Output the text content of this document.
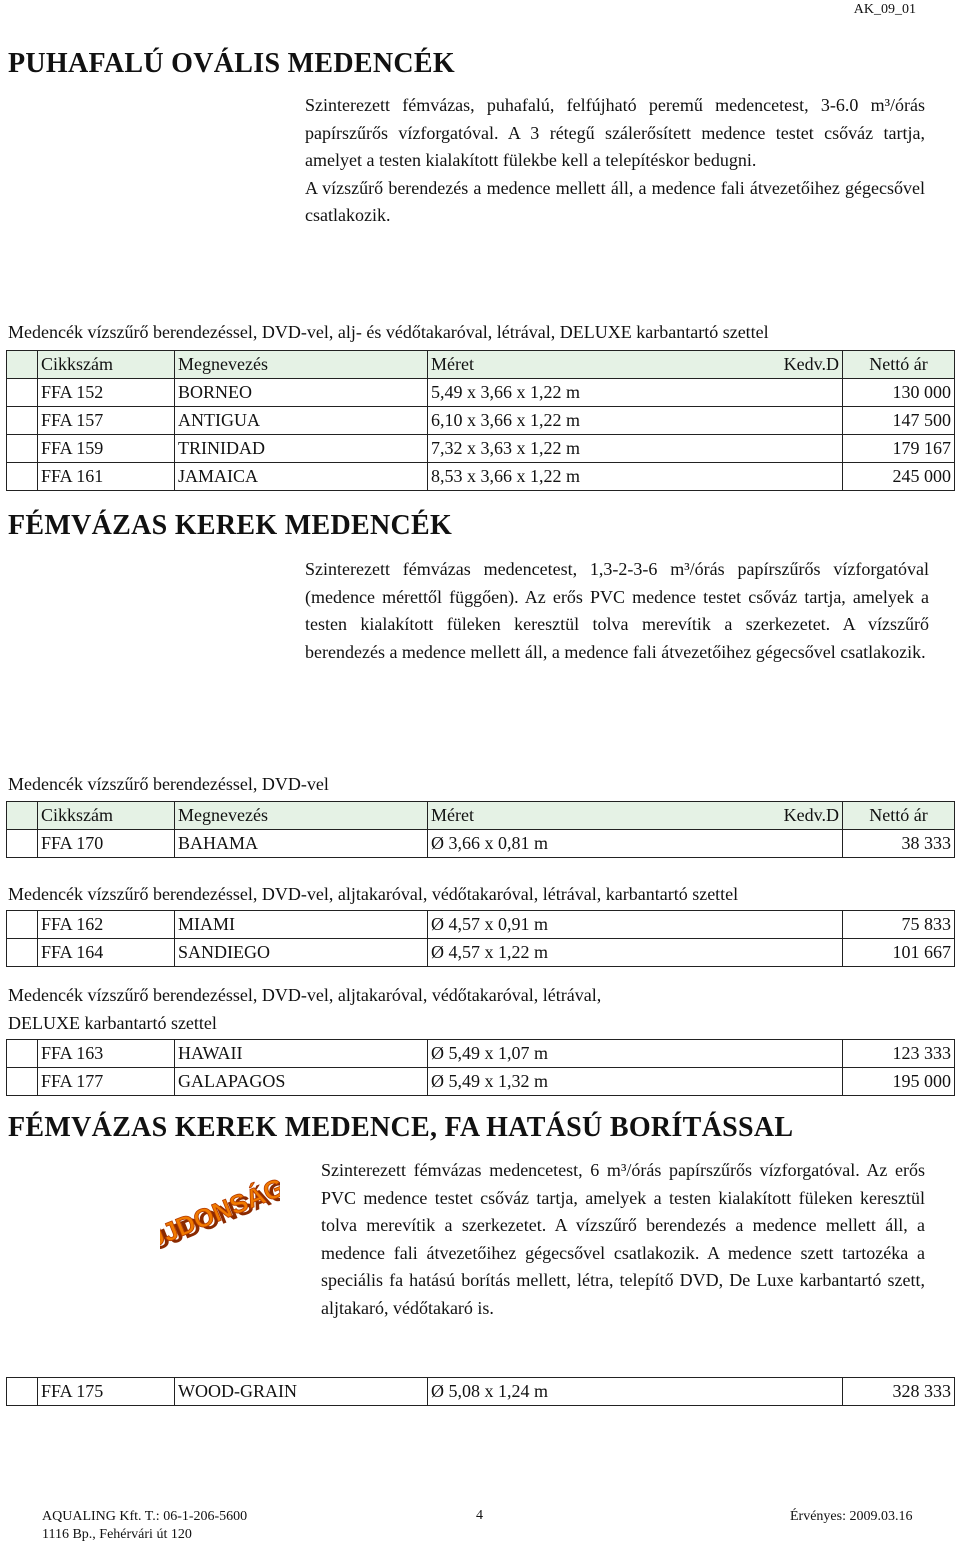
AK_09_01
PUHAFALÚ OVÁLIS MEDENCÉK
Szinterezett fémvázas, puhafalú, felfújható peremű medencetest, 3-6.0 m³/órás papírszűrős vízforgatóval. A 3 rétegű szálerősített medence testet csőváz tartja, amelyet a testen kialakított fülekbe kell a telepítéskor bedugni.
A vízszűrő berendezés a medence mellett áll, a medence fali átvezetőihez gégecsővel csatlakozik.
Medencék vízszűrő berendezéssel, DVD-vel, alj- és védőtakaróval, létrával, DELUXE karbantartó szettel
	Cikkszám	Megnevezés	Méret Kedv.D	Nettó ár	
	FFA 152	BORNEO	5,49 x 3,66 x 1,22 m	130 000	
	FFA 157	ANTIGUA	6,10 x 3,66 x 1,22 m	147 500	
	FFA 159	TRINIDAD	7,32 x 3,63 x 1,22 m	179 167	
	FFA 161	JAMAICA	8,53 x 3,66 x 1,22 m	245 000	
FÉMVÁZAS KEREK MEDENCÉK
Szinterezett fémvázas medencetest, 1,3-2-3-6 m³/órás papírszűrős vízforgatóval (medence mérettől függően). Az erős PVC medence testet csőváz tartja, amelyek a testen kialakított füleken keresztül tolva merevítik a szerkezetet. A vízszűrő berendezés a medence mellett áll, a medence fali átvezetőihez gégecsővel csatlakozik.
Medencék vízszűrő berendezéssel, DVD-vel
	Cikkszám	Megnevezés	Méret Kedv.D	Nettó ár	
	FFA 170	BAHAMA	Ø 3,66 x 0,81 m	38 333	
Medencék vízszűrő berendezéssel, DVD-vel, aljtakaróval, védőtakaróval, létrával, karbantartó szettel
	FFA 162	MIAMI	Ø 4,57 x 0,91 m	75 833	
	FFA 164	SANDIEGO	Ø 4,57 x 1,22 m	101 667	
Medencék vízszűrő berendezéssel, DVD-vel, aljtakaróval, védőtakaróval, létrával,
DELUXE karbantartó szettel
	FFA 163	HAWAII	Ø 5,49 x 1,07 m	123 333	
	FFA 177	GALAPAGOS	Ø 5,49 x 1,32 m	195 000	
FÉMVÁZAS KEREK MEDENCE, FA HATÁSÚ BORÍTÁSSAL
ÚJDONSÁG!
ÚJDONSÁG! Szinterezett fémvázas medencetest, 6 m³/órás papírszűrős vízforgatóval. Az erős PVC medence testet csőváz tartja, amelyek a testen kialakított füleken keresztül tolva merevítik a szerkezetet. A vízszűrő berendezés a medence mellett áll, a medence fali átvezetőihez gégecsővel csatlakozik. A medence szett tartozéka a speciális fa hatású borítás mellett, létra, telepítő DVD, De Luxe karbantartó szett, aljtakaró, védőtakaró is.
	FFA 175	WOOD-GRAIN	Ø 5,08 x 1,24 m	328 333	
AQUALING Kft. T.: 06-1-206-5600
1116 Bp., Fehérvári út 120
4	Érvényes: 2009.03.16
